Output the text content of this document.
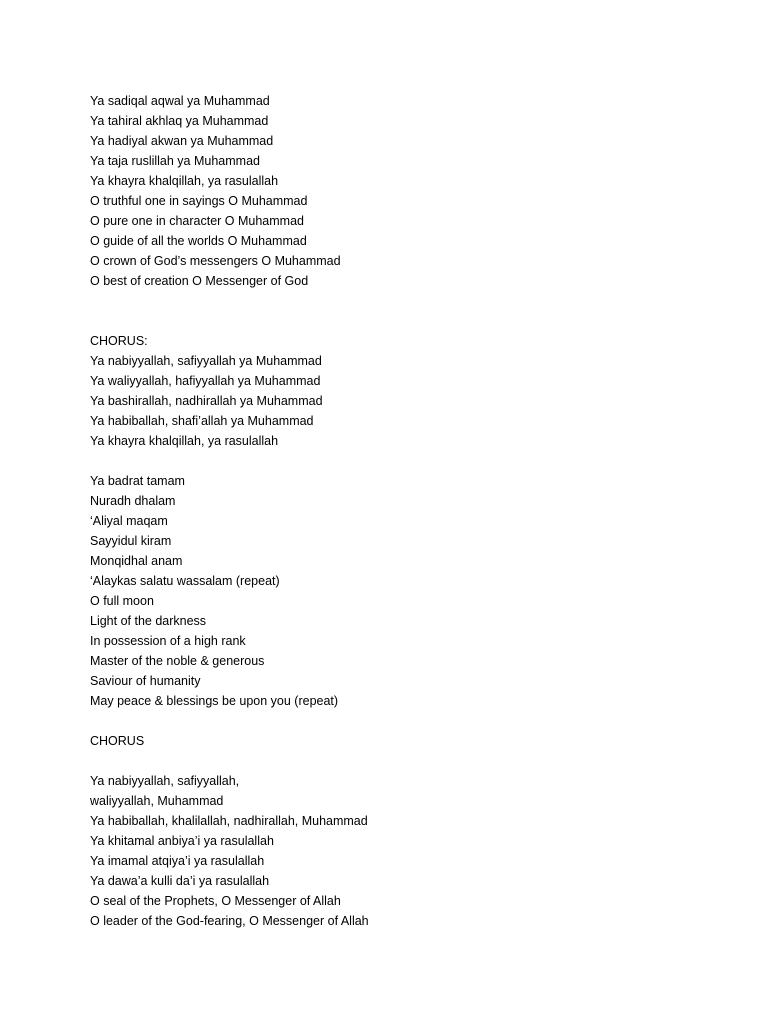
Ya sadiqal aqwal ya Muhammad
Ya tahiral akhlaq ya Muhammad
Ya hadiyal akwan ya Muhammad
Ya taja ruslillah ya Muhammad
Ya khayra khalqillah, ya rasulallah
O truthful one in sayings O Muhammad
O pure one in character O Muhammad
O guide of all the worlds O Muhammad
O crown of God’s messengers O Muhammad
O best of creation O Messenger of God
CHORUS:
Ya nabiyyallah, safiyyallah ya Muhammad
Ya waliyyallah, hafiyyallah ya Muhammad
Ya bashirallah, nadhirallah ya Muhammad
Ya habiballah, shafi’allah ya Muhammad
Ya khayra khalqillah, ya rasulallah
Ya badrat tamam
Nuradh dhalam
‘Aliyal maqam
Sayyidul kiram
Monqidhal anam
‘Alaykas salatu wassalam (repeat)
O full moon
Light of the darkness
In possession of a high rank
Master of the noble & generous
Saviour of humanity
May peace & blessings be upon you (repeat)
CHORUS
Ya nabiyyallah, safiyyallah,
waliyyallah, Muhammad
Ya habiballah, khalilallah, nadhirallah, Muhammad
Ya khitamal anbiya’i ya rasulallah
Ya imamal atqiya’i ya rasulallah
Ya dawa’a kulli da’i ya rasulallah
O seal of the Prophets, O Messenger of Allah
O leader of the God-fearing, O Messenger of Allah
